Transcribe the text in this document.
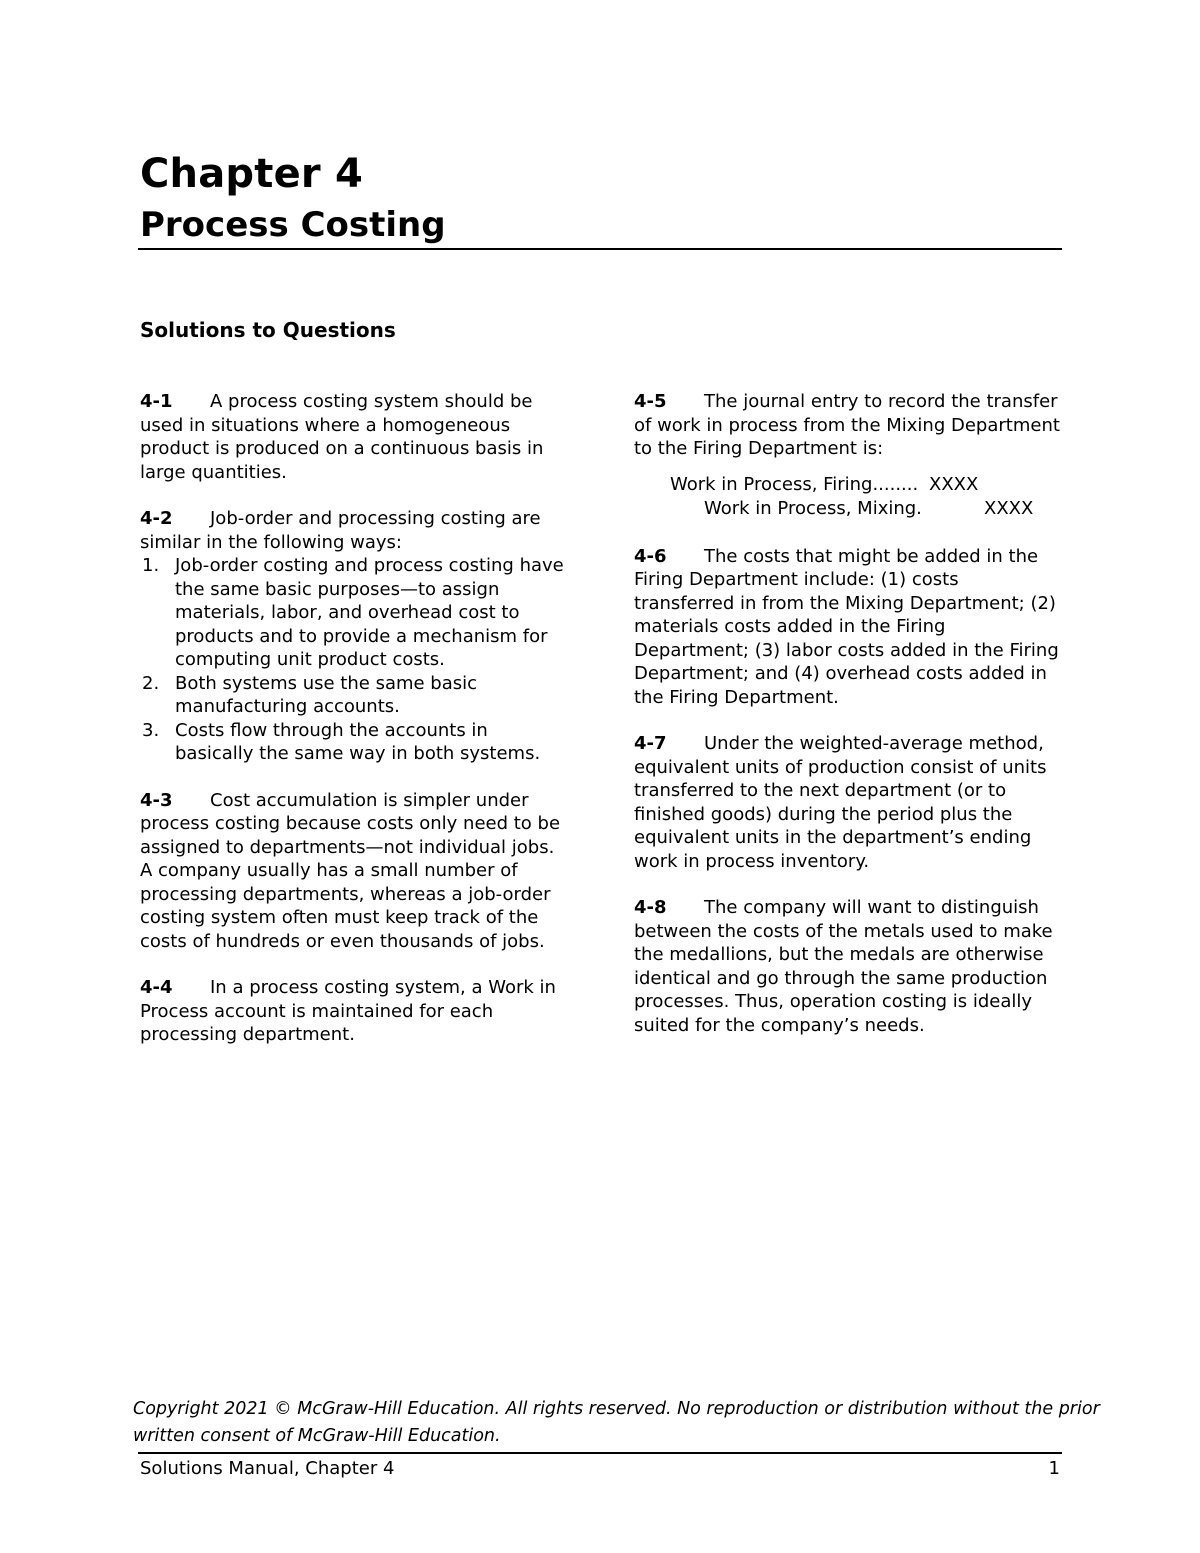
Chapter 4
Process Costing
Solutions to Questions

4-1 A process costing system should be used in situations where a homogeneous product is produced on a continuous basis in large quantities.

4-2 Job-order and processing costing are similar in the following ways:
1. Job-order costing and process costing have the same basic purposes—to assign materials, labor, and overhead cost to products and to provide a mechanism for computing unit product costs.
2. Both systems use the same basic manufacturing accounts.
3. Costs flow through the accounts in basically the same way in both systems.

4-3 Cost accumulation is simpler under process costing because costs only need to be assigned to departments—not individual jobs. A company usually has a small number of processing departments, whereas a job-order costing system often must keep track of the costs of hundreds or even thousands of jobs.

4-4 In a process costing system, a Work in Process account is maintained for each processing department.

4-5 The journal entry to record the transfer of work in process from the Mixing Department to the Firing Department is:

Work in Process, Firing........ XXXX
Work in Process, Mixing.	XXXX

4-6 The costs that might be added in the Firing Department include: (1) costs transferred in from the Mixing Department; (2) materials costs added in the Firing Department; (3) labor costs added in the Firing Department; and (4) overhead costs added in the Firing Department.

4-7 Under the weighted-average method, equivalent units of production consist of units transferred to the next department (or to finished goods) during the period plus the equivalent units in the department’s ending work in process inventory.

4-8 The company will want to distinguish between the costs of the metals used to make the medallions, but the medals are otherwise identical and go through the same production processes. Thus, operation costing is ideally suited for the company’s needs.

Copyright 2021 © McGraw-Hill Education. All rights reserved. No reproduction or distribution without the prior written consent of McGraw-Hill Education.

Solutions Manual, Chapter 4	1
